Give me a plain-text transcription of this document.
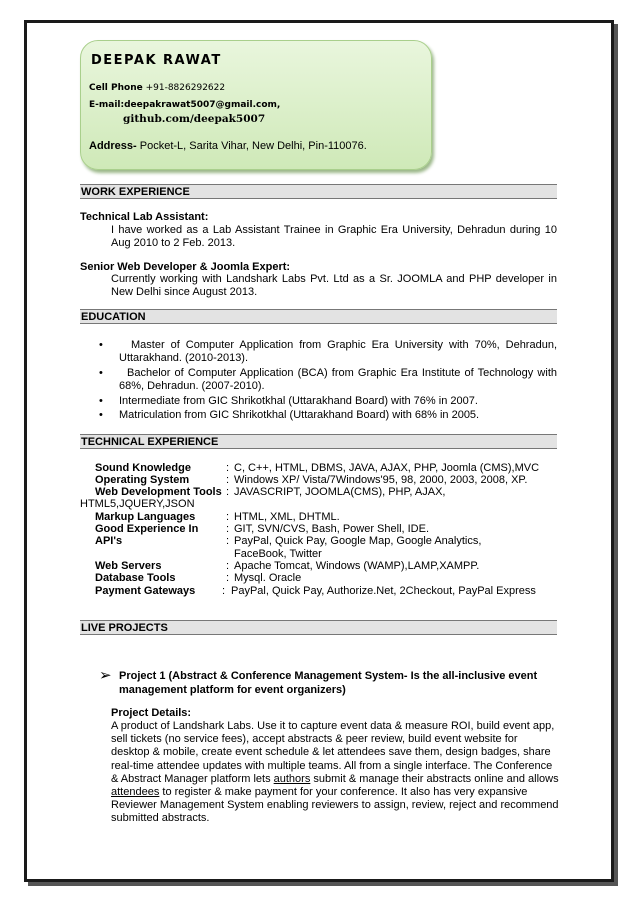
DEEPAK RAWAT
Cell Phone +91-8826292622
E-mail:deepakrawat5007@gmail.com,
github.com/deepak5007
Address- Pocket-L, Sarita Vihar, New Delhi, Pin-110076.
WORK EXPERIENCE
Technical Lab Assistant:
I have worked as a Lab Assistant Trainee in Graphic Era University, Dehradun during 10 Aug 2010 to 2 Feb. 2013.
Senior Web Developer & Joomla Expert:
Currently working with Landshark Labs Pvt. Ltd as a Sr. JOOMLA and PHP developer in New Delhi since August 2013.
EDUCATION
•	Master of Computer Application from Graphic Era University with 70%, Dehradun, Uttarakhand. (2010-2013).
•	Bachelor of Computer Application (BCA) from Graphic Era Institute of Technology with 68%, Dehradun. (2007-2010).
• Intermediate from GIC Shrikotkhal (Uttarakhand Board) with 76% in 2007.
• Matriculation from GIC Shrikotkhal (Uttarakhand Board) with 68% in 2005.
TECHNICAL EXPERIENCE
Sound Knowledge	: C, C++, HTML, DBMS, JAVA, AJAX, PHP, Joomla (CMS),MVC
Operating System	: Windows XP/ Vista/7Windows'95, 98, 2000, 2003, 2008, XP.
Web Development Tools : JAVASCRIPT, JOOMLA(CMS), PHP, AJAX,
HTML5,JQUERY,JSON
Markup Languages	: HTML, XML, DHTML.
Good Experience In	: GIT, SVN/CVS, Bash, Power Shell, IDE.
API's	: PayPal, Quick Pay, Google Map, Google Analytics, FaceBook, Twitter
Web Servers	: Apache Tomcat, Windows (WAMP),LAMP,XAMPP.
Database Tools	: Mysql. Oracle
Payment Gateways : PayPal, Quick Pay, Authorize.Net, 2Checkout, PayPal Express
LIVE PROJECTS
➢ Project 1 (Abstract & Conference Management System- Is the all-inclusive event management platform for event organizers)
Project Details:
A product of Landshark Labs. Use it to capture event data & measure ROI, build event app, sell tickets (no service fees), accept abstracts & peer review, build event website for desktop & mobile, create event schedule & let attendees save them, design badges, share real-time attendee updates with multiple teams. All from a single interface. The Conference & Abstract Manager platform lets authors submit & manage their abstracts online and allows attendees to register & make payment for your conference. It also has very expansive Reviewer Management System enabling reviewers to assign, review, reject and recommend submitted abstracts.
